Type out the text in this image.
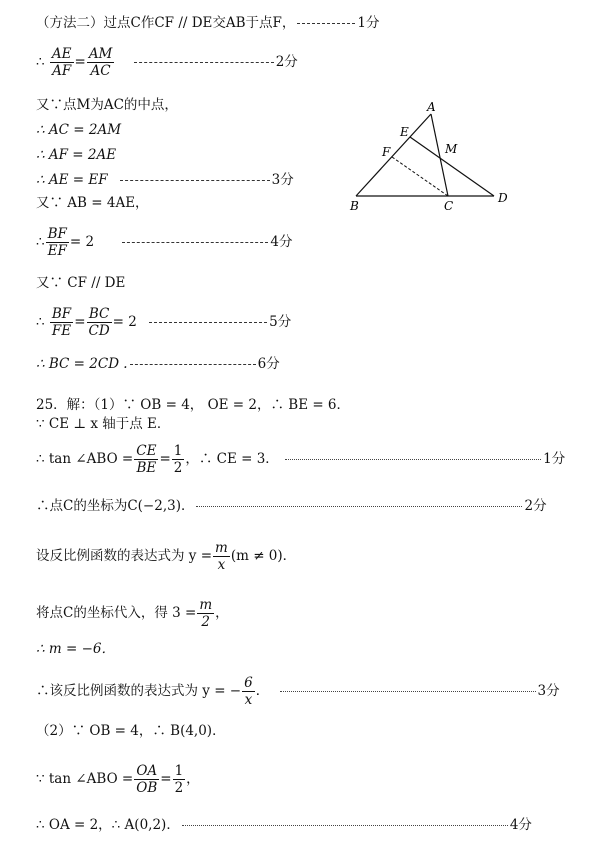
（方法二）过点C作CF // DE交AB于点F，	1分
∴ $\frac{AE}{AF} = \frac{AM}{AC}$	2分
又∵点M为AC的中点，
∴ AC = 2AM
∴ AF = 2AE
∴ AE = EF	3分
又∵ AB = 4AE，
∴ $\frac{BF}{EF} = 2$	4分
又∵ CF // DE
∴ $\frac{BF}{FE} = \frac{BC}{CD} = 2$	5分
∴ BC = 2CD .	6分
A
E
M
F
B	C
D
25．解：（1）∵ OB = 4， OE = 2，∴ BE = 6．
∵ CE ⊥ x 轴于点 E．
∴ tan ∠ABO = $\frac{CE}{BE} = \frac{1}{2}$ ，∴ CE = 3．	1分
∴点C的坐标为C(−2,3)．	2分
设反比例函数的表达式为 $y = \frac{m}{x} (m \ne 0)$．
将点C的坐标代入，得 $3 = \frac{m}{2}$ ，
∴ m = −6．
∴该反比例函数的表达式为 y = − $\frac{6}{x}$ ．	3分
（2）∵ OB = 4，∴ B(4,0)．
∵ tan ∠ABO = $\frac{OA}{OB} = \frac{1}{2}$ ，
∴ OA = 2，∴ A(0,2)．	4分
